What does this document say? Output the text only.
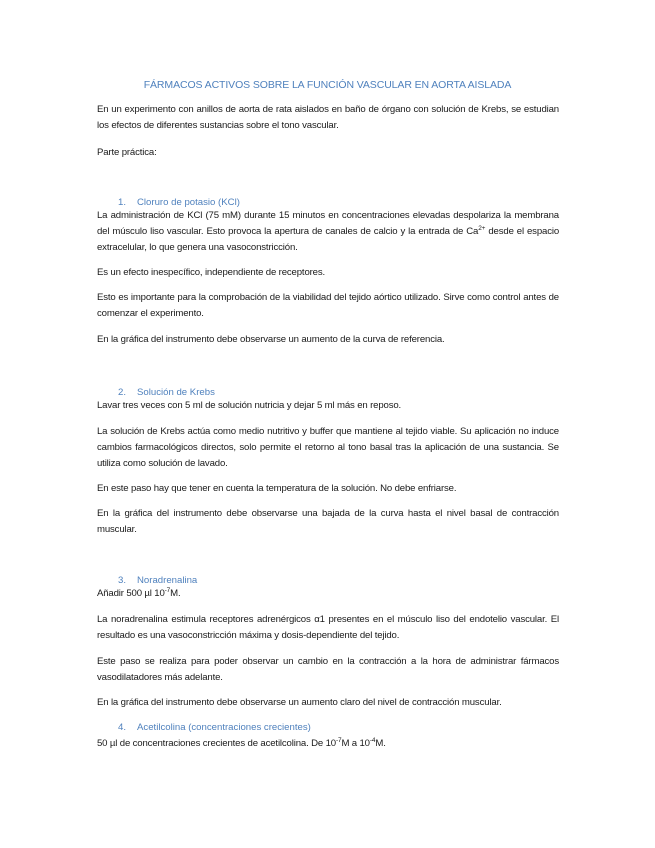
FÁRMACOS ACTIVOS SOBRE LA FUNCIÓN VASCULAR EN AORTA AISLADA

En un experimento con anillos de aorta de rata aislados en baño de órgano con solución de Krebs, se estudian los efectos de diferentes sustancias sobre el tono vascular.

Parte práctica:

1. Cloruro de potasio (KCl)

La administración de KCl (75 mM) durante 15 minutos en concentraciones elevadas despolariza la membrana del músculo liso vascular. Esto provoca la apertura de canales de calcio y la entrada de $Ca^{2+}$ desde el espacio extracelular, lo que genera una vasoconstricción.

Es un efecto inespecífico, independiente de receptores.

Esto es importante para la comprobación de la viabilidad del tejido aórtico utilizado. Sirve como control antes de comenzar el experimento.

En la gráfica del instrumento debe observarse un aumento de la curva de referencia.

2. Solución de Krebs

Lavar tres veces con 5 ml de solución nutricia y dejar 5 ml más en reposo.

La solución de Krebs actúa como medio nutritivo y buffer que mantiene al tejido viable. Su aplicación no induce cambios farmacológicos directos, solo permite el retorno al tono basal tras la aplicación de una sustancia. Se utiliza como solución de lavado.

En este paso hay que tener en cuenta la temperatura de la solución. No debe enfriarse.

En la gráfica del instrumento debe observarse una bajada de la curva hasta el nivel basal de contracción muscular.

3. Noradrenalina

Añadir 500 µl $10^{-7}M$.

La noradrenalina estimula receptores adrenérgicos α1 presentes en el músculo liso del endotelio vascular. El resultado es una vasoconstricción máxima y dosis-dependiente del tejido.

Este paso se realiza para poder observar un cambio en la contracción a la hora de administrar fármacos vasodilatadores más adelante.

En la gráfica del instrumento debe observarse un aumento claro del nivel de contracción muscular.

4. Acetilcolina (concentraciones crecientes)

50 µl de concentraciones crecientes de acetilcolina. De $10^{-7}M$ a $10^{-4}M$.
